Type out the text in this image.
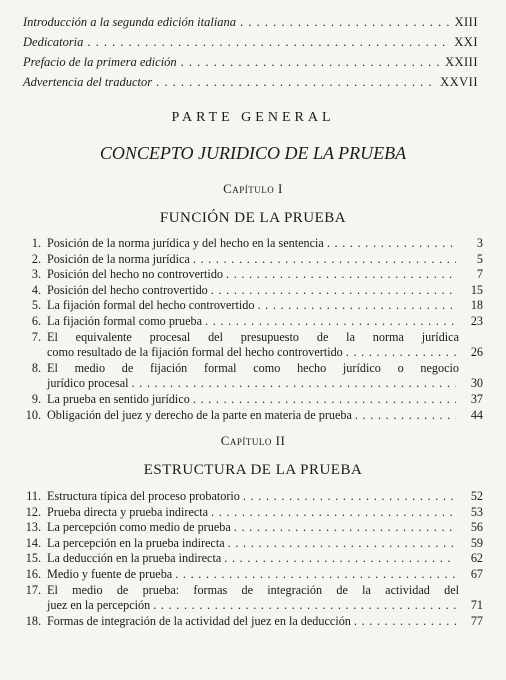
Introducción a la segunda edición italiana . . .	XIII
Dedicatoria . . .	XXI
Prefacio de la primera edición . . .	XXIII
Advertencia del traductor . . .	XXVII
PARTE GENERAL
CONCEPTO JURIDICO DE LA PRUEBA
Capítulo I
FUNCIÓN DE LA PRUEBA
1. Posición de la norma jurídica y del hecho en la sentencia . . .	3
2. Posición de la norma jurídica . . .	5
3. Posición del hecho no controvertido . . .	7
4. Posición del hecho controvertido . . .	15
5. La fijación formal del hecho controvertido . . .	18
6. La fijación formal como prueba . . .	23
7. El equivalente procesal del presupuesto de la norma jurídica
como resultado de la fijación formal del hecho controvertido . . .	26
8. El medio de fijación formal como hecho jurídico o negocio
jurídico procesal . . .	30
9. La prueba en sentido jurídico . . .	37
10. Obligación del juez y derecho de la parte en materia de prueba . . .	44
Capítulo II
ESTRUCTURA DE LA PRUEBA
11. Estructura típica del proceso probatorio . . .	52
12. Prueba directa y prueba indirecta . . .	53
13. La percepción como medio de prueba . . .	56
14. La percepción en la prueba indirecta . . .	59
15. La deducción en la prueba indirecta . . .	62
16. Medio y fuente de prueba . . .	67
17. El medio de prueba: formas de integración de la actividad del
juez en la percepción . . .	71
18. Formas de integración de la actividad del juez en la deducción . . .	77
